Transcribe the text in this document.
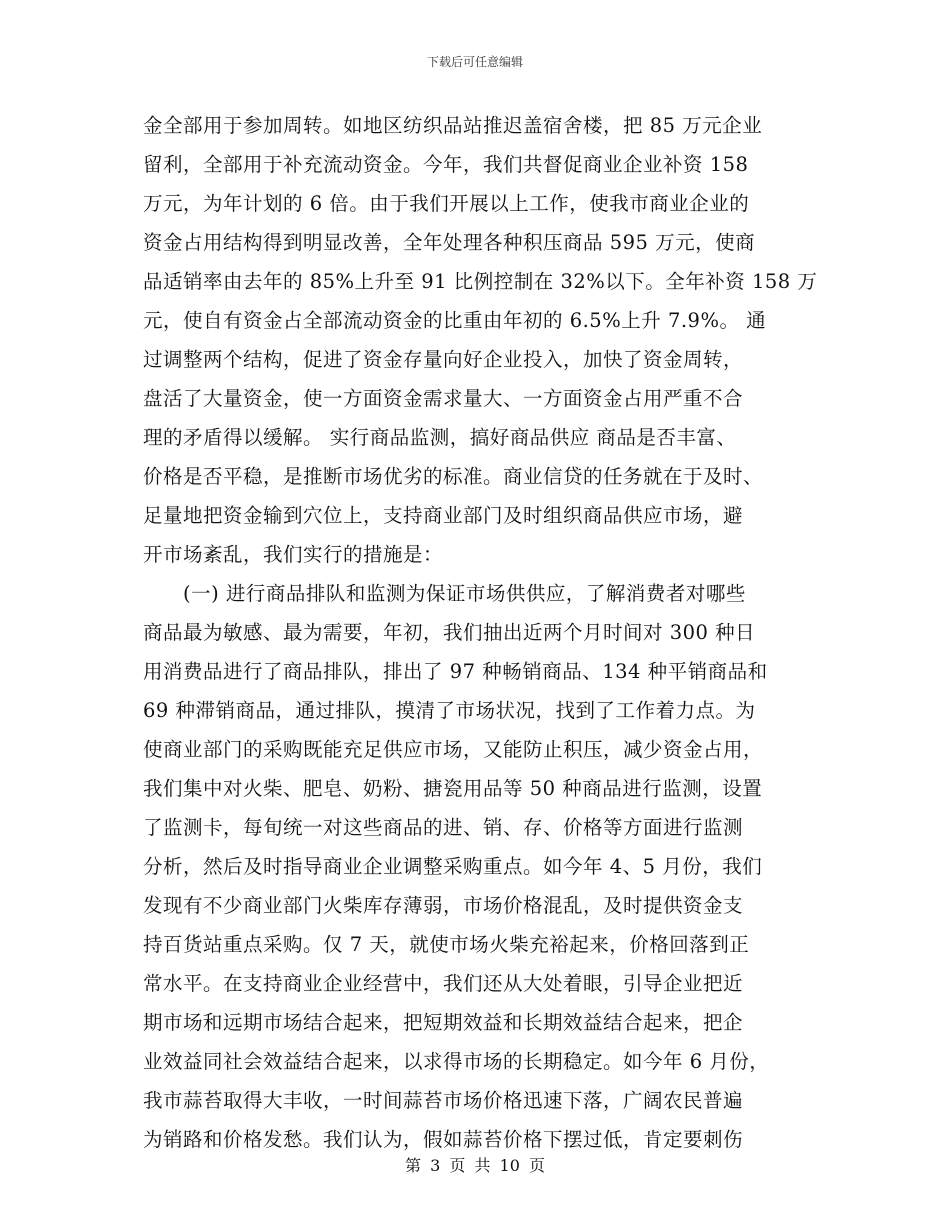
下载后可任意编辑
金全部用于参加周转。如地区纺织品站推迟盖宿舍楼，把 85 万元企业
留利，全部用于补充流动资金。今年，我们共督促商业企业补资 158
万元，为年计划的 6 倍。由于我们开展以上工作，使我市商业企业的
资金占用结构得到明显改善，全年处理各种积压商品 595 万元，使商
品适销率由去年的 85%上升至 91 比例控制在 32%以下。全年补资 158 万
元，使自有资金占全部流动资金的比重由年初的 6.5%上升 7.9%。 通
过调整两个结构，促进了资金存量向好企业投入，加快了资金周转，
盘活了大量资金，使一方面资金需求量大、一方面资金占用严重不合
理的矛盾得以缓解。 实行商品监测，搞好商品供应 商品是否丰富、
价格是否平稳，是推断市场优劣的标准。商业信贷的任务就在于及时、
足量地把资金输到穴位上，支持商业部门及时组织商品供应市场，避
开市场紊乱，我们实行的措施是：
　　(一) 进行商品排队和监测为保证市场供供应，了解消费者对哪些
商品最为敏感、最为需要，年初，我们抽出近两个月时间对 300 种日
用消费品进行了商品排队，排出了 97 种畅销商品、134 种平销商品和
69 种滞销商品，通过排队，摸清了市场状况，找到了工作着力点。为
使商业部门的采购既能充足供应市场，又能防止积压，减少资金占用，
我们集中对火柴、肥皂、奶粉、搪瓷用品等 50 种商品进行监测，设置
了监测卡，每旬统一对这些商品的进、销、存、价格等方面进行监测
分析，然后及时指导商业企业调整采购重点。如今年 4、5 月份，我们
发现有不少商业部门火柴库存薄弱，市场价格混乱，及时提供资金支
持百货站重点采购。仅 7 天，就使市场火柴充裕起来，价格回落到正
常水平。在支持商业企业经营中，我们还从大处着眼，引导企业把近
期市场和远期市场结合起来，把短期效益和长期效益结合起来，把企
业效益同社会效益结合起来，以求得市场的长期稳定。如今年 6 月份，
我市蒜苔取得大丰收，一时间蒜苔市场价格迅速下落，广阔农民普遍
为销路和价格发愁。我们认为，假如蒜苔价格下摆过低，肯定要刺伤
第 3 页 共 10 页
